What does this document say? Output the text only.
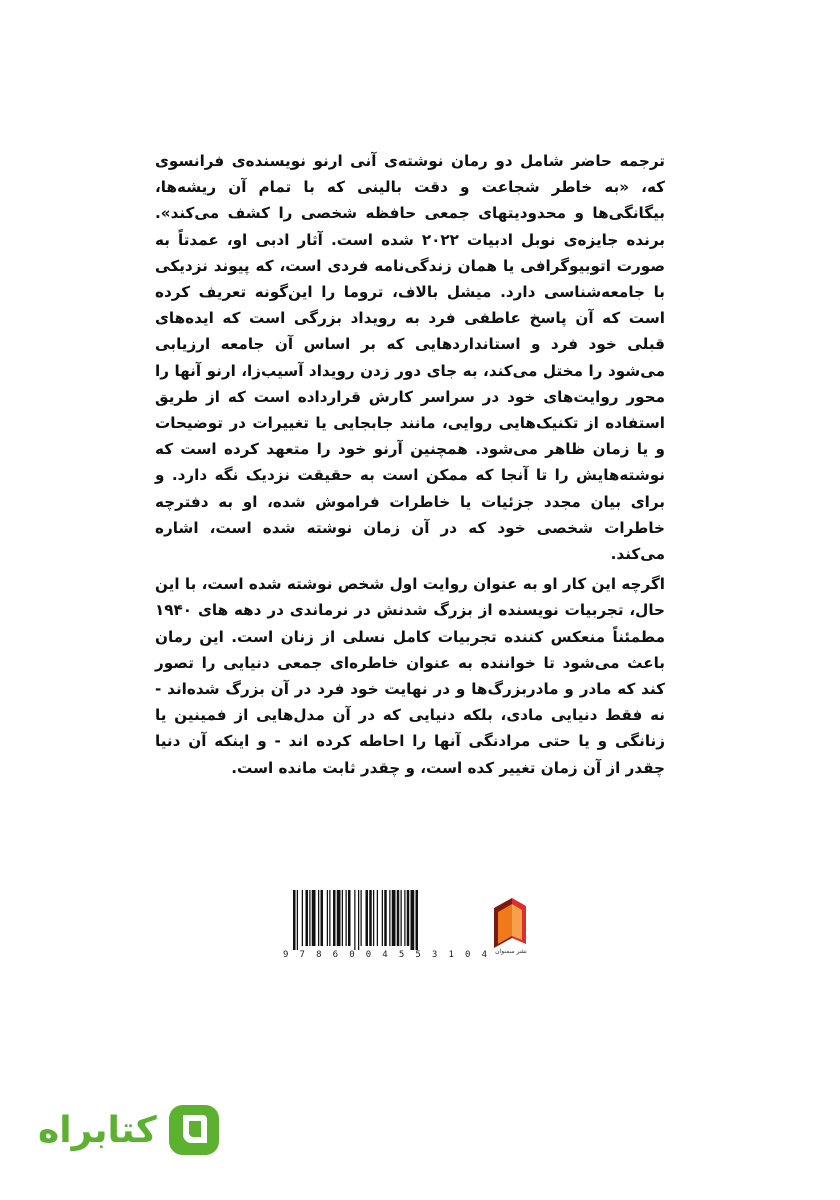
ترجمه حاضر شامل دو رمان نوشته‌ی آنی ارنو نویسنده‌ی فرانسوی که، «به خاطر شجاعت و دقت بالینی که با تمام آن ریشه‌ها، بیگانگی‌ها و محدودیتهای جمعی حافظه شخصی را کشف می‌کند». برنده جایزه‌ی نوبل ادبیات ۲۰۲۲ شده است. آثار ادبی او، عمدتاً به صورت اتوبیوگرافی یا همان زندگی‌نامه فردی است، که پیوند نزدیکی با جامعه‌شناسی دارد. میشل بالاف، تروما را این‌گونه تعریف کرده است که آن پاسخ عاطفی فرد به رویداد بزرگی است که ایده‌های قبلی خود فرد و استانداردهایی که بر اساس آن جامعه ارزیابی می‌شود را مختل می‌کند، به جای دور زدن رویداد آسیب‌زا، ارنو آنها را محور روایت‌های خود در سراسر کارش قرارداده است که از طریق استفاده از تکنیک‌هایی روایی، مانند جابجایی یا تغییرات در توضیحات و یا زمان ظاهر می‌شود. همچنین آرنو خود را متعهد کرده است که نوشته‌هایش را تا آنجا که ممکن است به حقیقت نزدیک نگه دارد. و برای بیان مجدد جزئیات یا خاطرات فراموش شده، او به دفترچه خاطرات شخصی خود که در آن زمان نوشته شده است، اشاره می‌کند.

اگرچه این کار او به عنوان روایت اول شخص نوشته شده است، با این حال، تجربیات نویسنده از بزرگ شدنش در نرماندی در دهه های ۱۹۴۰ مطمئناً منعکس کننده تجربیات کامل نسلی از زنان است. این رمان باعث می‌شود تا خواننده به عنوان خاطره‌ای جمعی دنیایی را تصور کند که مادر و مادربزرگ‌ها و در نهایت خود فرد در آن بزرگ شده‌اند - نه فقط دنیایی مادی، بلکه دنیایی که در آن مدل‌هایی از فمینین یا زنانگی و یا حتی مرادنگی آنها را احاطه کرده اند - و اینکه آن دنیا چقدر از آن زمان تغییر کده است، و چقدر ثابت مانده است.

9 7 8 6 0 0 4 5 5 3 1 0 4	نشر سمنوان
کتابراه
